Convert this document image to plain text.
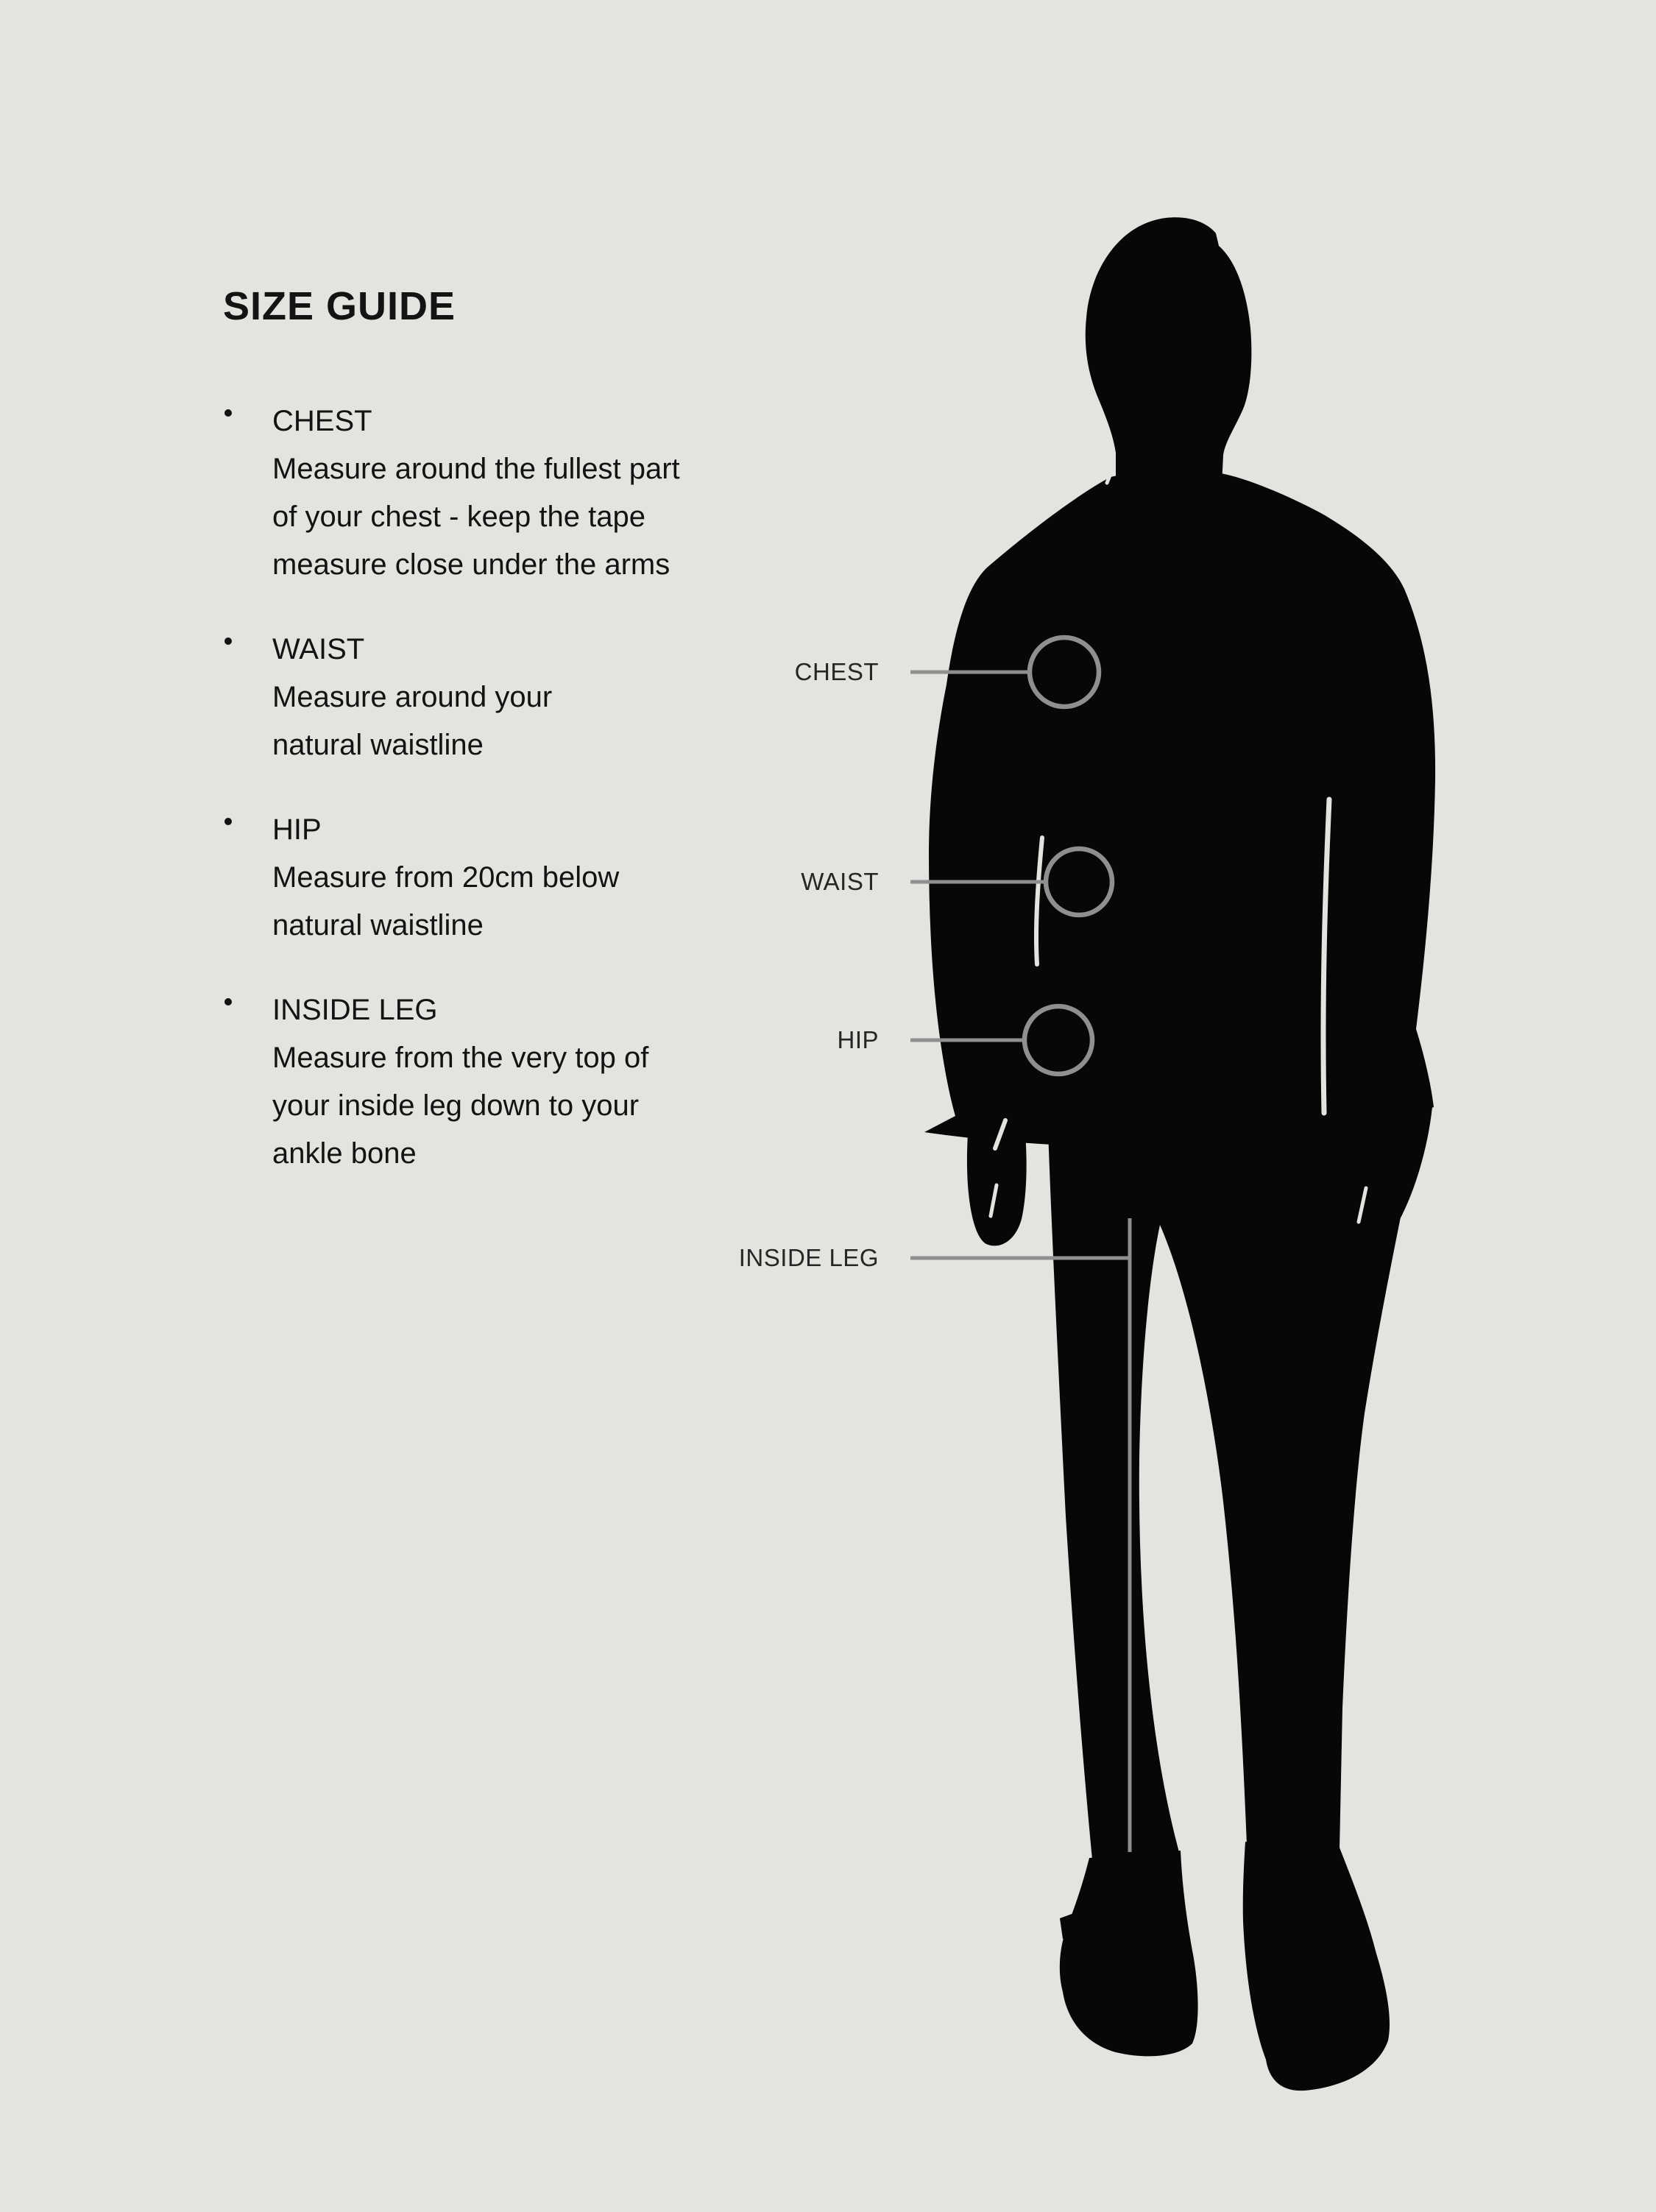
SIZE GUIDE
CHEST
Measure around the fullest part
of your chest - keep the tape
measure close under the arms
WAIST
Measure around your
natural waistline
HIP
Measure from 20cm below
natural waistline
INSIDE LEG
Measure from the very top of
your inside leg down to your
ankle bone
CHEST
WAIST
HIP
INSIDE LEG
